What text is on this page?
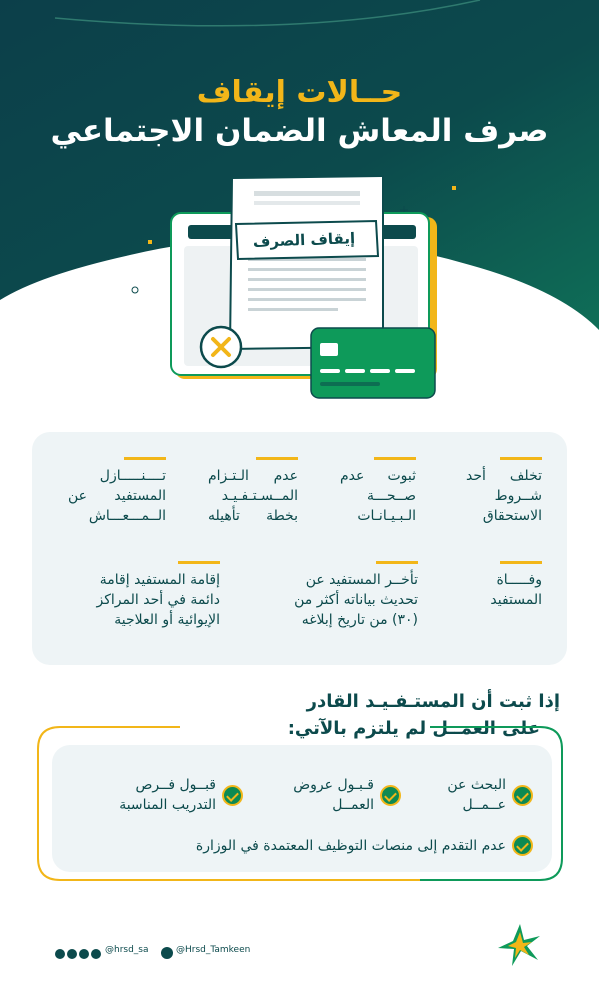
حــالات إيقاف
صرف المعاش الضمان الاجتماعي
إيقاف الصرف
تخلف أحد
شــروط
الاستحقاق
ثبوت عدم
صــحـــة
الـبـيـانـات
عدم الـتـزام
المــسـتـفـيـد
بخطة تأهيله
تــــنـــــازل
المستفيد عن
الــمـــعـــاش
وفـــــاة
المستفيد
تأخــر المستفيد عن
تحديث بياناته أكثر من
(٣٠) من تاريخ إبلاغه
إقامة المستفيد إقامة
دائمة في أحد المراكز
الإيوائية أو العلاجية
إذا ثبت أن المستـفـيـد القادر
على العمــل لم يلتزم بالآتي:
البحث عن
عــمــل
قـبـول عروض
العمــل
قبــول فــرص
التدريب المناسبة
عدم التقدم إلى منصات التوظيف المعتمدة في الوزارة
@hrsd_sa	@Hrsd_Tamkeen
